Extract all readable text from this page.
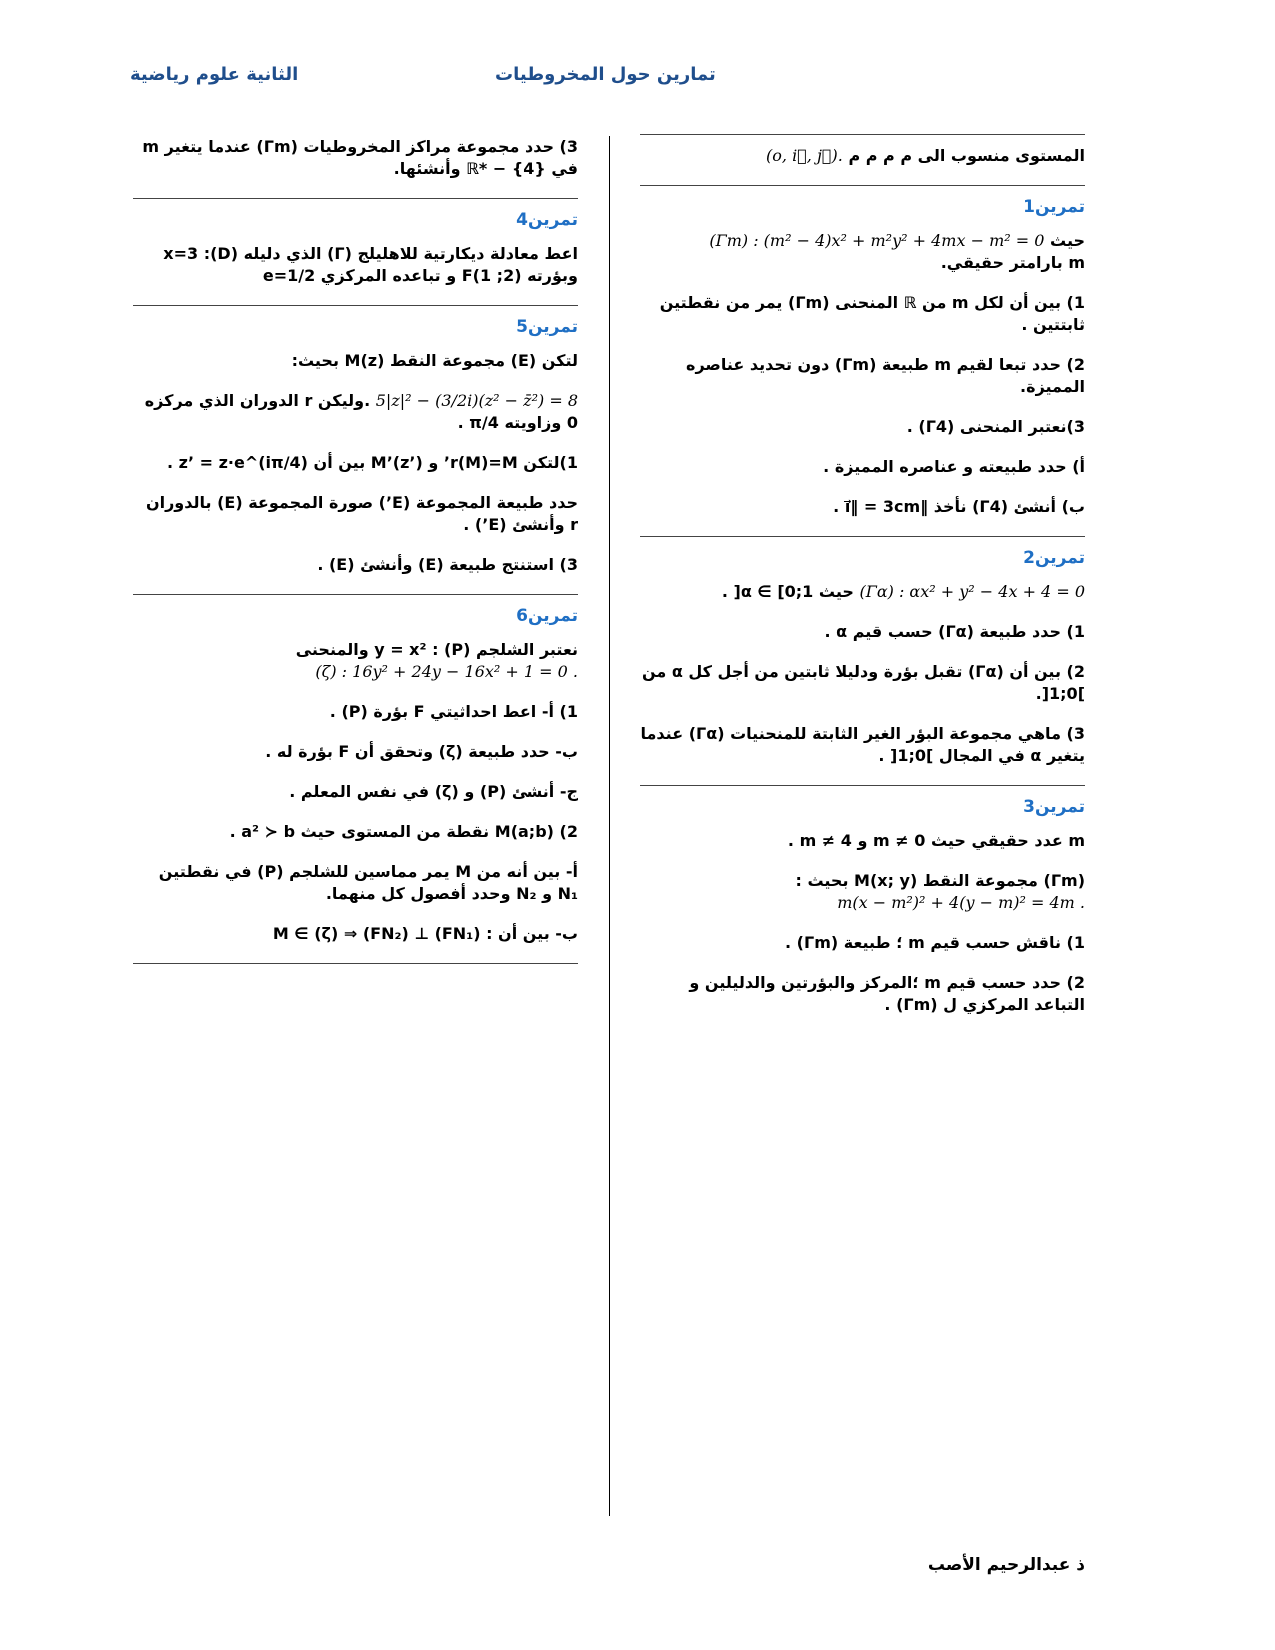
تمارين حول المخروطيات
الثانية علوم رياضية

المستوى منسوب الى م م م م (o, i⃗, j⃗).

تمرين1

حيث (Γm) : (m² − 4)x² + m²y² + 4mx − m² = 0
m بارامتر حقيقي.

1) بين أن لكل m من ℝ المنحنى (Γm) يمر من نقطتين ثابتتين .

2) حدد تبعا لقيم m طبيعة (Γm) دون تحديد عناصره المميزة.

3)نعتبر المنحنى (Γ4) .

أ) حدد طبيعته و عناصره المميزة .

ب) أنشئ (Γ4) نأخذ ‖i⃗‖ = 3cm .

تمرين2

(Γα) : αx² + y² − 4x + 4 = 0 حيث α ∈ [0;1[ .

1) حدد طبيعة (Γα) حسب قيم α .

2) بين أن (Γα) تقبل بؤرة ودليلا ثابتين من أجل كل α من ]0;1[.

3) ماهي مجموعة البؤر الغير الثابتة للمنحنيات (Γα) عندما يتغير α في المجال ]0;1[ .

تمرين3

m عدد حقيقي حيث m ≠ 0 و m ≠ 4 .

(Γm) مجموعة النقط M(x; y) بحيث :
m(x − m²)² + 4(y − m)² = 4m .

1) ناقش حسب قيم m ؛ طبيعة (Γm) .

2) حدد حسب قيم m ؛المركز والبؤرتين والدليلين و التباعد المركزي ل (Γm) .

3) حدد مجموعة مراكز المخروطيات (Γm) عندما يتغير m في ℝ* − {4} وأنشئها.

تمرين4

اعط معادلة ديكارتية للاهليلج (Γ) الذي دليله (D): x=3 وبؤرته F(1 ;2) و تباعده المركزي e=1/2

تمرين5

لتكن (E) مجموعة النقط M(z) بحيث:

5|z|² − (3/2i)(z² − z̄²) = 8 .وليكن r الدوران الذي مركزه 0 وزاويته π/4 .

1)لتكن r(M)=M’ و M’(z’) بين أن z’ = z·e^(iπ/4) .

حدد طبيعة المجموعة (E’) صورة المجموعة (E) بالدوران r وأنشئ (E’) .

3) استنتج طبيعة (E) وأنشئ (E) .

تمرين6

نعتبر الشلجم (P) : y = x² والمنحنى
(ζ) : 16y² + 24y − 16x² + 1 = 0 .

1) أ- اعط احداثيتي F بؤرة (P) .

ب- حدد طبيعة (ζ) وتحقق أن F بؤرة له .

ج- أنشئ (P) و (ζ) في نفس المعلم .

2) M(a;b) نقطة من المستوى حيث a² ≻ b .

أ- بين أنه من M يمر مماسين للشلجم (P) في نقطتين N₁ و N₂ وحدد أفصول كل منهما.

ب- بين أن : (FN₁) ⊥ (FN₂) ⇒ M ∈ (ζ)

ذ عبدالرحيم الأصب
